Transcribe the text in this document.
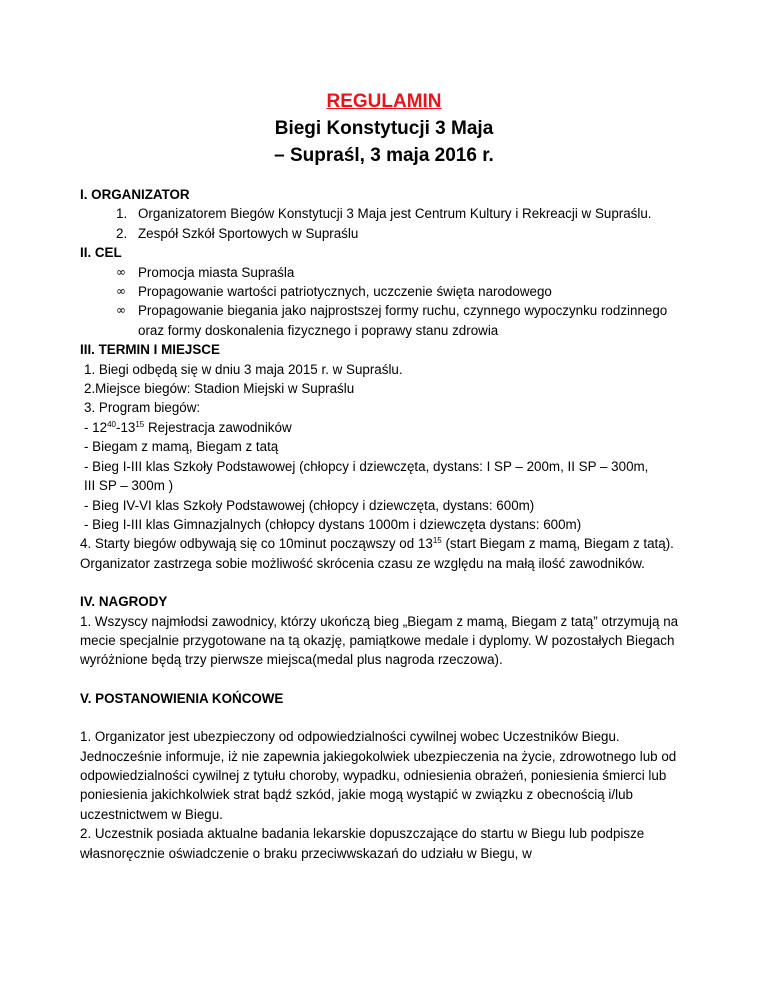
REGULAMIN
Biegi Konstytucji 3 Maja
– Supraśl, 3 maja 2016 r.
I. ORGANIZATOR
1. Organizatorem Biegów Konstytucji 3 Maja jest Centrum Kultury i Rekreacji w Supraślu.
2. Zespół Szkół Sportowych w Supraślu
II. CEL
∞ Promocja miasta Supraśla
∞ Propagowanie wartości patriotycznych, uczczenie święta narodowego
∞ Propagowanie biegania jako najprostszej formy ruchu, czynnego wypoczynku rodzinnego oraz formy doskonalenia fizycznego i poprawy stanu zdrowia
III. TERMIN I MIEJSCE
1. Biegi odbędą się w dniu 3 maja 2015 r. w Supraślu.
2.Miejsce biegów: Stadion Miejski w Supraślu
3. Program biegów:
- $12^{40}-13^{15}$ Rejestracja zawodników
- Biegam z mamą, Biegam z tatą
- Bieg I-III klas Szkoły Podstawowej (chłopcy i dziewczęta, dystans: I SP – 200m, II SP – 300m,
III SP – 300m )
- Bieg IV-VI klas Szkoły Podstawowej (chłopcy i dziewczęta, dystans: 600m)
- Bieg I-III klas Gimnazjalnych (chłopcy dystans 1000m i dziewczęta dystans: 600m)
4. Starty biegów odbywają się co 10minut począwszy od $13^{15}$ (start Biegam z mamą, Biegam z tatą). Organizator zastrzega sobie możliwość skrócenia czasu ze względu na małą ilość zawodników.
IV. NAGRODY
1. Wszyscy najmłodsi zawodnicy, którzy ukończą bieg „Biegam z mamą, Biegam z tatą” otrzymują na mecie specjalnie przygotowane na tą okazję, pamiątkowe medale i dyplomy. W pozostałych Biegach wyróżnione będą trzy pierwsze miejsca(medal plus nagroda rzeczowa).
V. POSTANOWIENIA KOŃCOWE
1. Organizator jest ubezpieczony od odpowiedzialności cywilnej wobec Uczestników Biegu. Jednocześnie informuje, iż nie zapewnia jakiegokolwiek ubezpieczenia na życie, zdrowotnego lub od odpowiedzialności cywilnej z tytułu choroby, wypadku, odniesienia obrażeń, poniesienia śmierci lub poniesienia jakichkolwiek strat bądź szkód, jakie mogą wystąpić w związku z obecnością i/lub uczestnictwem w Biegu.
2. Uczestnik posiada aktualne badania lekarskie dopuszczające do startu w Biegu lub podpisze własnoręcznie oświadczenie o braku przeciwwskazań do udziału w Biegu, w
